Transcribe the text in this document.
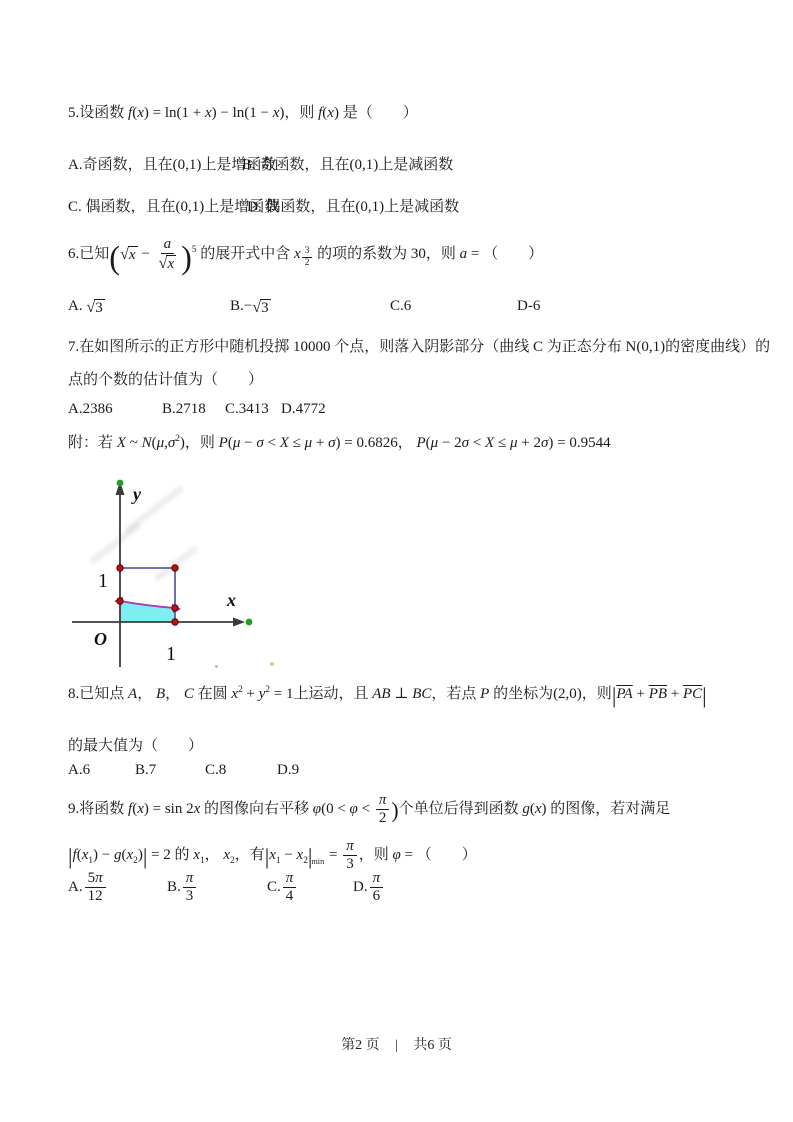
5.设函数 f(x) = ln(1 + x) − ln(1 − x)，则 f(x) 是（　　）
A.奇函数，且在(0,1)上是增函数
B. 奇函数，且在(0,1)上是减函数
C. 偶函数，且在(0,1)上是增函数
D. 偶函数，且在(0,1)上是减函数
6.已知( √ $x - \frac{a}{√ x} )^5$ 的展开式中含 x $\frac{3}{2}$ 的项的系数为 30，则 a = （　　）
A. √ 3	B.− √ 3	C.6	D-6
7.在如图所示的正方形中随机投掷 10000 个点，则落入阴影部分（曲线 C 为正态分布 N(0,1)的密度曲线）的
点的个数的估计值为（　　）
A.2386	B.2718 C.3413 D.4772
附：若 X ~ $N(\mu,\sigma^2)$，则 P(μ − σ < X ≤ μ + σ) = 0.6826， P(μ − 2σ < X ≤ μ + 2σ) = 0.9544
y
x
O
1
1
8.已知点 A， B， C 在圆 $x^2 + y^2 = 1$上运动，且 AB ⊥ BC，若点 P 的坐标为(2,0)，则$|\overline{PA} + \overline{PB} + \overline{PC}|$
的最大值为（　　）
A.6	B.7	C.8	D.9
9.将函数 f(x) = sin 2x 的图像向右平移 $\varphi(0 < \varphi < \frac{\pi}{2}$ )个单位后得到函数 g(x) 的图像，若对满足
$|f(x_1) - g(x_2)| = 2$ 的 $x_1$， $x_2$，有$|x_1 - x_2|_{min} = \frac{\pi}{3}$ ，则 φ = （　　）
A. $\frac{5\pi}{12}$	B. $\frac{\pi}{3}$	C. $\frac{\pi}{4}$	D. $\frac{\pi}{6}$
第2 页 | 共6 页
